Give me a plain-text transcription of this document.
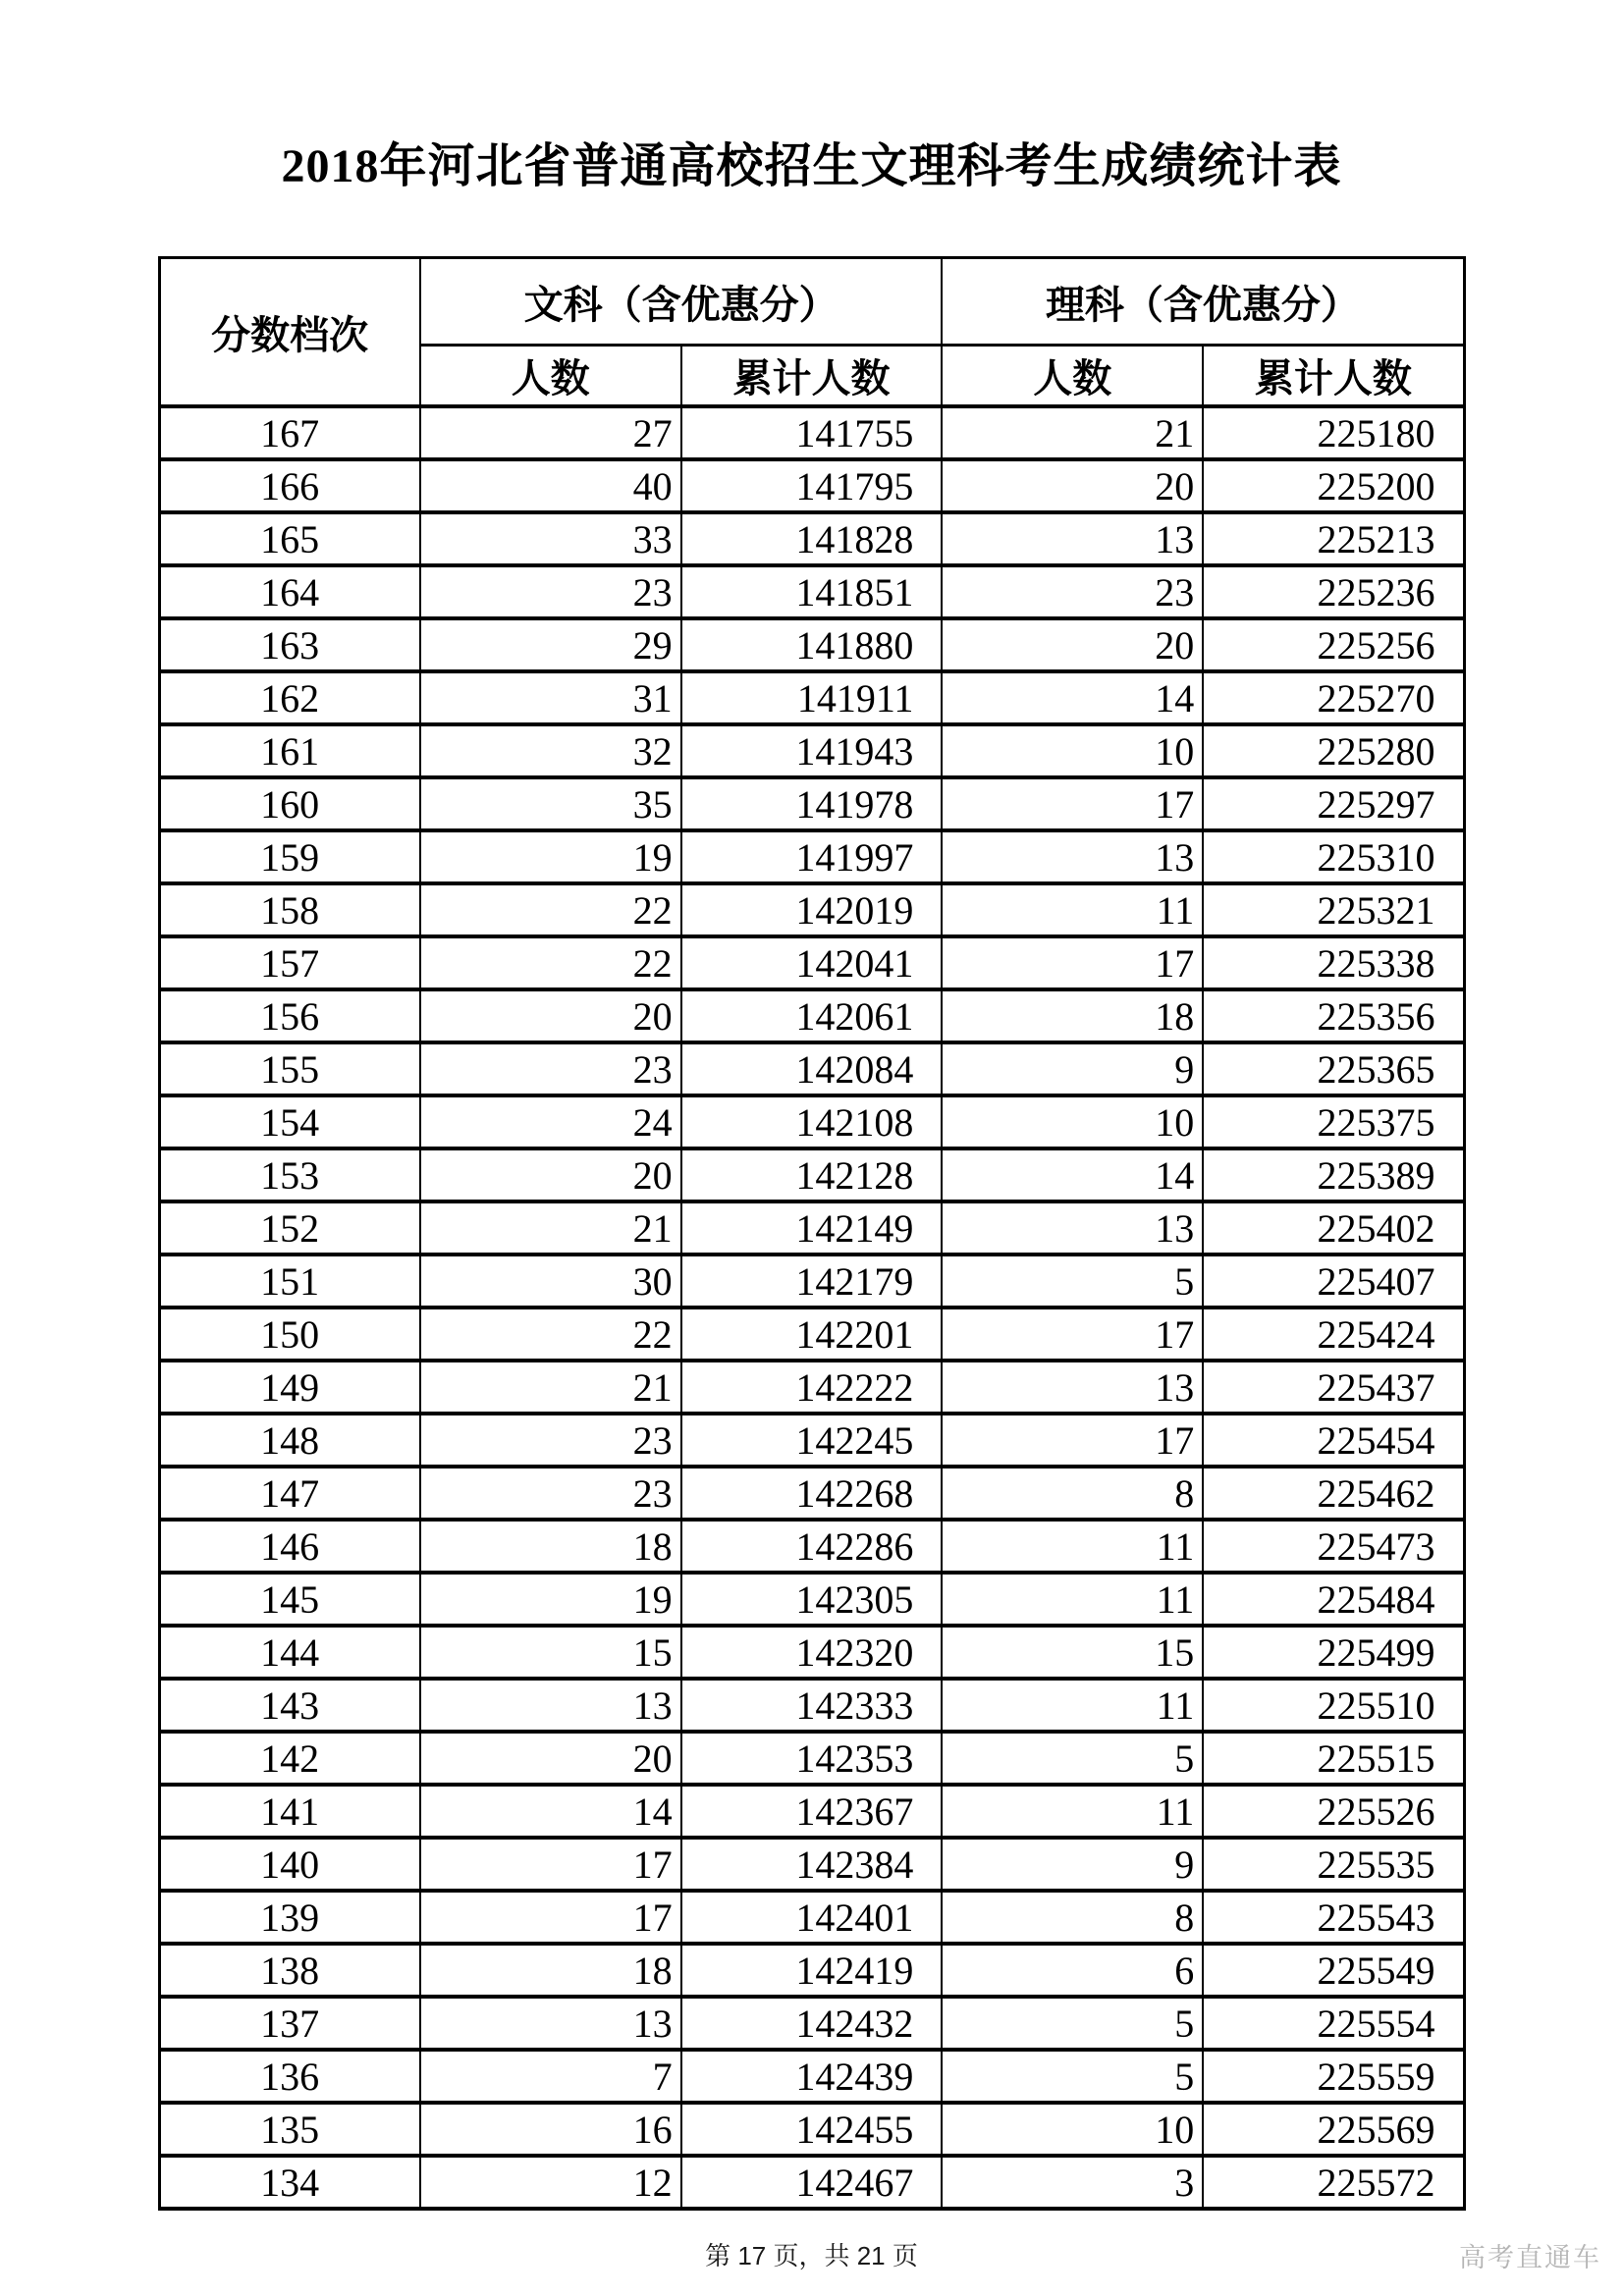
2018年河北省普通高校招生文理科考生成绩统计表
分数档次	文科（含优惠分）		理科（含优惠分）	
	人数	累计人数	人数	累计人数
167	27	141755	21	225180
166	40	141795	20	225200
165	33	141828	13	225213
164	23	141851	23	225236
163	29	141880	20	225256
162	31	141911	14	225270
161	32	141943	10	225280
160	35	141978	17	225297
159	19	141997	13	225310
158	22	142019	11	225321
157	22	142041	17	225338
156	20	142061	18	225356
155	23	142084	9	225365
154	24	142108	10	225375
153	20	142128	14	225389
152	21	142149	13	225402
151	30	142179	5	225407
150	22	142201	17	225424
149	21	142222	13	225437
148	23	142245	17	225454
147	23	142268	8	225462
146	18	142286	11	225473
145	19	142305	11	225484
144	15	142320	15	225499
143	13	142333	11	225510
142	20	142353	5	225515
141	14	142367	11	225526
140	17	142384	9	225535
139	17	142401	8	225543
138	18	142419	6	225549
137	13	142432	5	225554
136	7	142439	5	225559
135	16	142455	10	225569
134	12	142467	3	225572
第 17 页，共 21 页	高考直通车
